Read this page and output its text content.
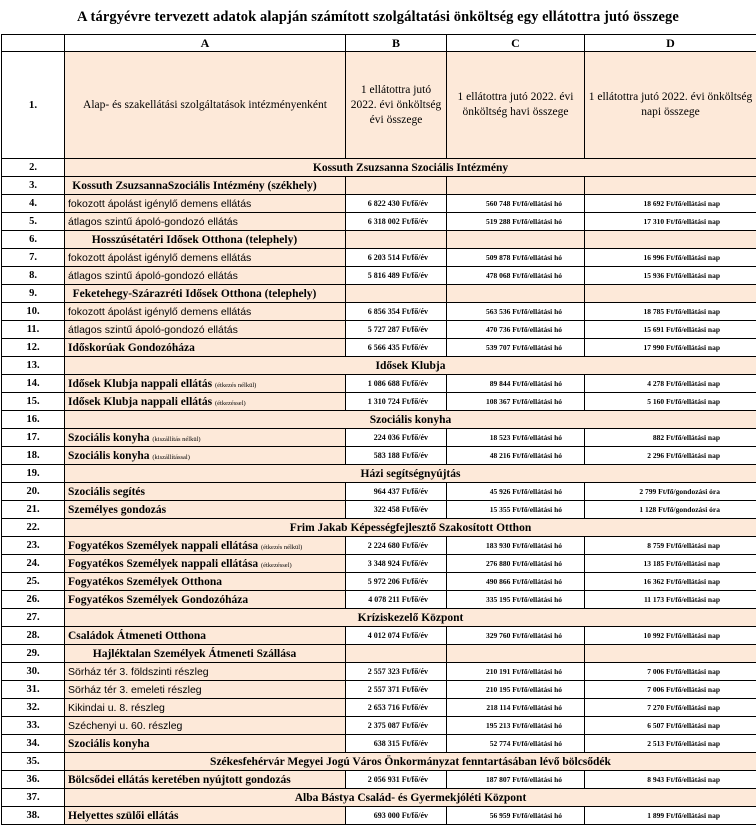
A tárgyévre tervezett adatok alapján számított szolgáltatási önköltség egy ellátottra jutó összege
	A	B	C	D
1.	Alap- és szakellátási szolgáltatások intézményenként	1 ellátottra jutó 2022. évi önköltség évi összege	1 ellátottra jutó 2022. évi önköltség havi összege	1 ellátottra jutó 2022. évi önköltség napi összege
2.	Kossuth Zsuzsanna Szociális Intézmény			
3.	Kossuth ZsuzsannaSzociális Intézmény (székhely)			
4.	fokozott ápolást igénylő demens ellátás	6 822 430 Ft/fő/év	560 748 Ft/fő/ellátási hó	18 692 Ft/fő/ellátási nap
5.	átlagos szintű ápoló-gondozó ellátás	6 318 002 Ft/fő/év	519 288 Ft/fő/ellátási hó	17 310 Ft/fő/ellátási nap
6.	Hosszúsétatéri Idősek Otthona (telephely)			
7.	fokozott ápolást igénylő demens ellátás	6 203 514 Ft/fő/év	509 878 Ft/fő/ellátási hó	16 996 Ft/fő/ellátási nap
8.	átlagos szintű ápoló-gondozó ellátás	5 816 489 Ft/fő/év	478 068 Ft/fő/ellátási hó	15 936 Ft/fő/ellátási nap
9.	Feketehegy-Szárazréti Idősek Otthona (telephely)			
10.	fokozott ápolást igénylő demens ellátás	6 856 354 Ft/fő/év	563 536 Ft/fő/ellátási hó	18 785 Ft/fő/ellátási nap
11.	átlagos szintű ápoló-gondozó ellátás	5 727 287 Ft/fő/év	470 736 Ft/fő/ellátási hó	15 691 Ft/fő/ellátási nap
12.	Időskorúak Gondozóháza	6 566 435 Ft/fő/év	539 707 Ft/fő/ellátási hó	17 990 Ft/fő/ellátási nap
13.	Idősek Klubja			
14.	Idősek Klubja nappali ellátás (étkezés nélkül)	1 086 688 Ft/fő/év	89 844 Ft/fő/ellátási hó	4 278 Ft/fő/ellátási nap
15.	Idősek Klubja nappali ellátás (étkezéssel)	1 310 724 Ft/fő/év	108 367 Ft/fő/ellátási hó	5 160 Ft/fő/ellátási nap
16.	Szociális konyha			
17.	Szociális konyha (kiszállítás nélkül)	224 036 Ft/fő/év	18 523 Ft/fő/ellátási hó	882 Ft/fő/ellátási nap
18.	Szociális konyha (kiszállítással)	583 188 Ft/fő/év	48 216 Ft/fő/ellátási hó	2 296 Ft/fő/ellátási nap
19.	Házi segítségnyújtás			
20.	Szociális segítés	964 437 Ft/fő/év	45 926 Ft/fő/ellátási hó	2 799 Ft/fő/gondozási óra
21.	Személyes gondozás	322 458 Ft/fő/év	15 355 Ft/fő/ellátási hó	1 128 Ft/fő/gondozási óra
22.	Frim Jakab Képességfejlesztő Szakosított Otthon			
23.	Fogyatékos Személyek nappali ellátása (étkezés nélkül)	2 224 680 Ft/fő/év	183 930 Ft/fő/ellátási hó	8 759 Ft/fő/ellátási nap
24.	Fogyatékos Személyek nappali ellátása (étkezéssel)	3 348 924 Ft/fő/év	276 880 Ft/fő/ellátási hó	13 185 Ft/fő/ellátási nap
25.	Fogyatékos Személyek Otthona	5 972 206 Ft/fő/év	490 866 Ft/fő/ellátási hó	16 362 Ft/fő/ellátási nap
26.	Fogyatékos Személyek Gondozóháza	4 078 211 Ft/fő/év	335 195 Ft/fő/ellátási hó	11 173 Ft/fő/ellátási nap
27.	Kríziskezelő Központ			
28.	Családok Átmeneti Otthona	4 012 074 Ft/fő/év	329 760 Ft/fő/ellátási hó	10 992 Ft/fő/ellátási nap
29.	Hajléktalan Személyek Átmeneti Szállása			
30.	Sörház tér 3. földszinti részleg	2 557 323 Ft/fő/év	210 191 Ft/fő/ellátási hó	7 006 Ft/fő/ellátási nap
31.	Sörház tér 3. emeleti részleg	2 557 371 Ft/fő/év	210 195 Ft/fő/ellátási hó	7 006 Ft/fő/ellátási nap
32.	Kikindai u. 8. részleg	2 653 716 Ft/fő/év	218 114 Ft/fő/ellátási hó	7 270 Ft/fő/ellátási nap
33.	Széchenyi u. 60. részleg	2 375 087 Ft/fő/év	195 213 Ft/fő/ellátási hó	6 507 Ft/fő/ellátási nap
34.	Szociális konyha	638 315 Ft/fő/év	52 774 Ft/fő/ellátási hó	2 513 Ft/fő/ellátási nap
35.	Székesfehérvár Megyei Jogú Város Önkormányzat fenntartásában lévő bölcsődék			
36.	Bölcsődei ellátás keretében nyújtott gondozás	2 056 931 Ft/fő/év	187 807 Ft/fő/ellátási hó	8 943 Ft/fő/ellátási nap
37.	Alba Bástya Család- és Gyermekjóléti Központ			
38.	Helyettes szülői ellátás	693 000 Ft/fő/év	56 959 Ft/fő/ellátási hó	1 899 Ft/fő/ellátási nap
